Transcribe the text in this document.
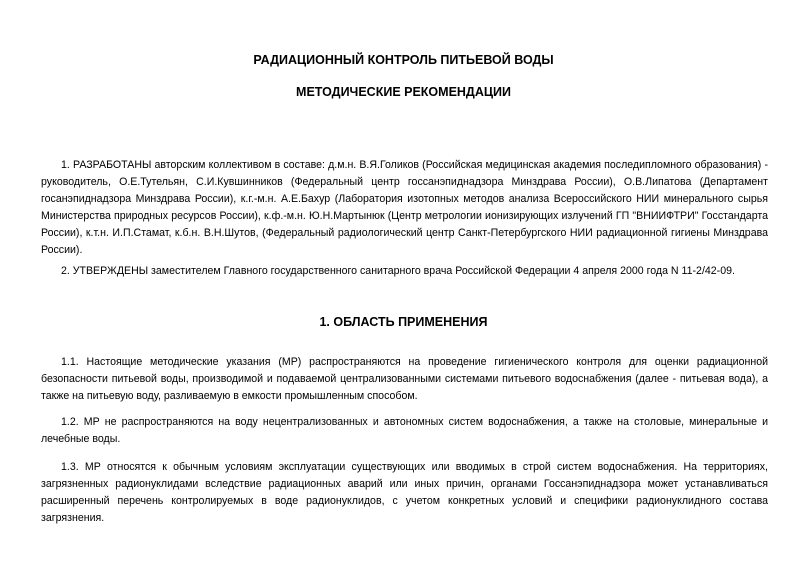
РАДИАЦИОННЫЙ КОНТРОЛЬ ПИТЬЕВОЙ ВОДЫ
МЕТОДИЧЕСКИЕ РЕКОМЕНДАЦИИ

1. РАЗРАБОТАНЫ авторским коллективом в составе: д.м.н. В.Я.Голиков (Российская медицинская академия последипломного образования) - руководитель, О.Е.Тутельян, С.И.Кувшинников (Федеральный центр госсанэпиднадзора Минздрава России), О.В.Липатова (Департамент госанэпиднадзора Минздрава России), к.г.-м.н. А.Е.Бахур (Лаборатория изотопных методов анализа Всероссийского НИИ минерального сырья Министерства природных ресурсов России), к.ф.-м.н. Ю.Н.Мартынюк (Центр метрологии ионизирующих излучений ГП "ВНИИФТРИ" Госстандарта России), к.т.н. И.П.Стамат, к.б.н. В.Н.Шутов, (Федеральный радиологический центр Санкт-Петербургского НИИ радиационной гигиены Минздрава России).

2. УТВЕРЖДЕНЫ заместителем Главного государственного санитарного врача Российской Федерации 4 апреля 2000 года N 11-2/42-09.

1. ОБЛАСТЬ ПРИМЕНЕНИЯ

1.1. Настоящие методические указания (МР) распространяются на проведение гигиенического контроля для оценки радиационной безопасности питьевой воды, производимой и подаваемой централизованными системами питьевого водоснабжения (далее - питьевая вода), а также на питьевую воду, разливаемую в емкости промышленным способом.

1.2. МР не распространяются на воду нецентрализованных и автономных систем водоснабжения, а также на столовые, минеральные и лечебные воды.

1.3. МР относятся к обычным условиям эксплуатации существующих или вводимых в строй систем водоснабжения. На территориях, загрязненных радионуклидами вследствие радиационных аварий или иных причин, органами Госсанэпиднадзора может устанавливаться расширенный перечень контролируемых в воде радионуклидов, с учетом конкретных условий и специфики радионуклидного состава загрязнения.
